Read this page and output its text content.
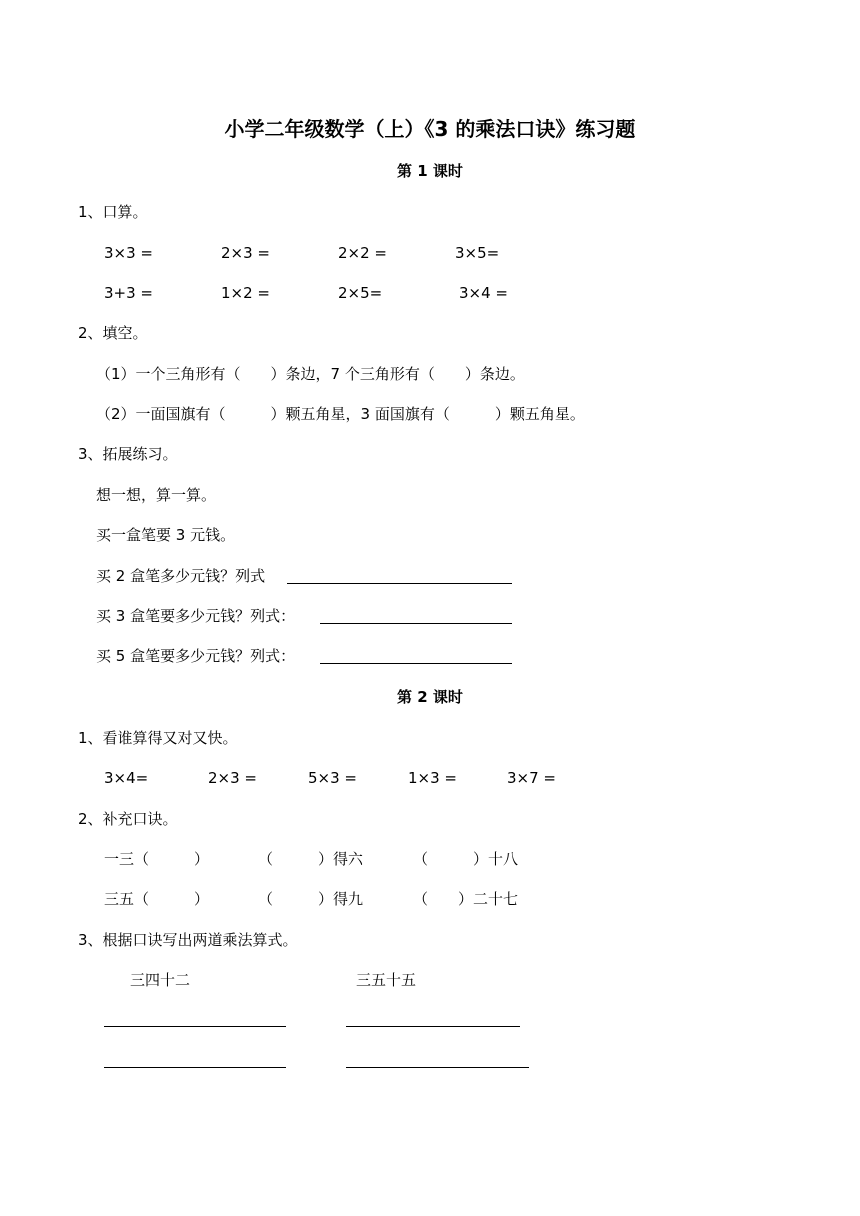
小学二年级数学（上）《3 的乘法口诀》练习题
第 1 课时
1、口算。
3×3 =	2×3 =	2×2 =	3×5=
3+3 =	1×2 =	2×5=	3×4 =
2、填空。
（1）一个三角形有（　　）条边，7 个三角形有（　　）条边。
（2）一面国旗有（　　　）颗五角星，3 面国旗有（　　　）颗五角星。
3、拓展练习。
想一想，算一算。
买一盒笔要 3 元钱。
买 2 盒笔多少元钱？列式
买 3 盒笔要多少元钱？列式：
买 5 盒笔要多少元钱？列式：
第 2 课时
1、看谁算得又对又快。
3×4=	2×3 =	5×3 =	1×3 =	3×7 =
2、补充口诀。
一三（　　　）	（　　　）得六	（　　　）十八
三五（　　　）	（　　　）得九	（　　）二十七
3、根据口诀写出两道乘法算式。
三四十二	三五十五
